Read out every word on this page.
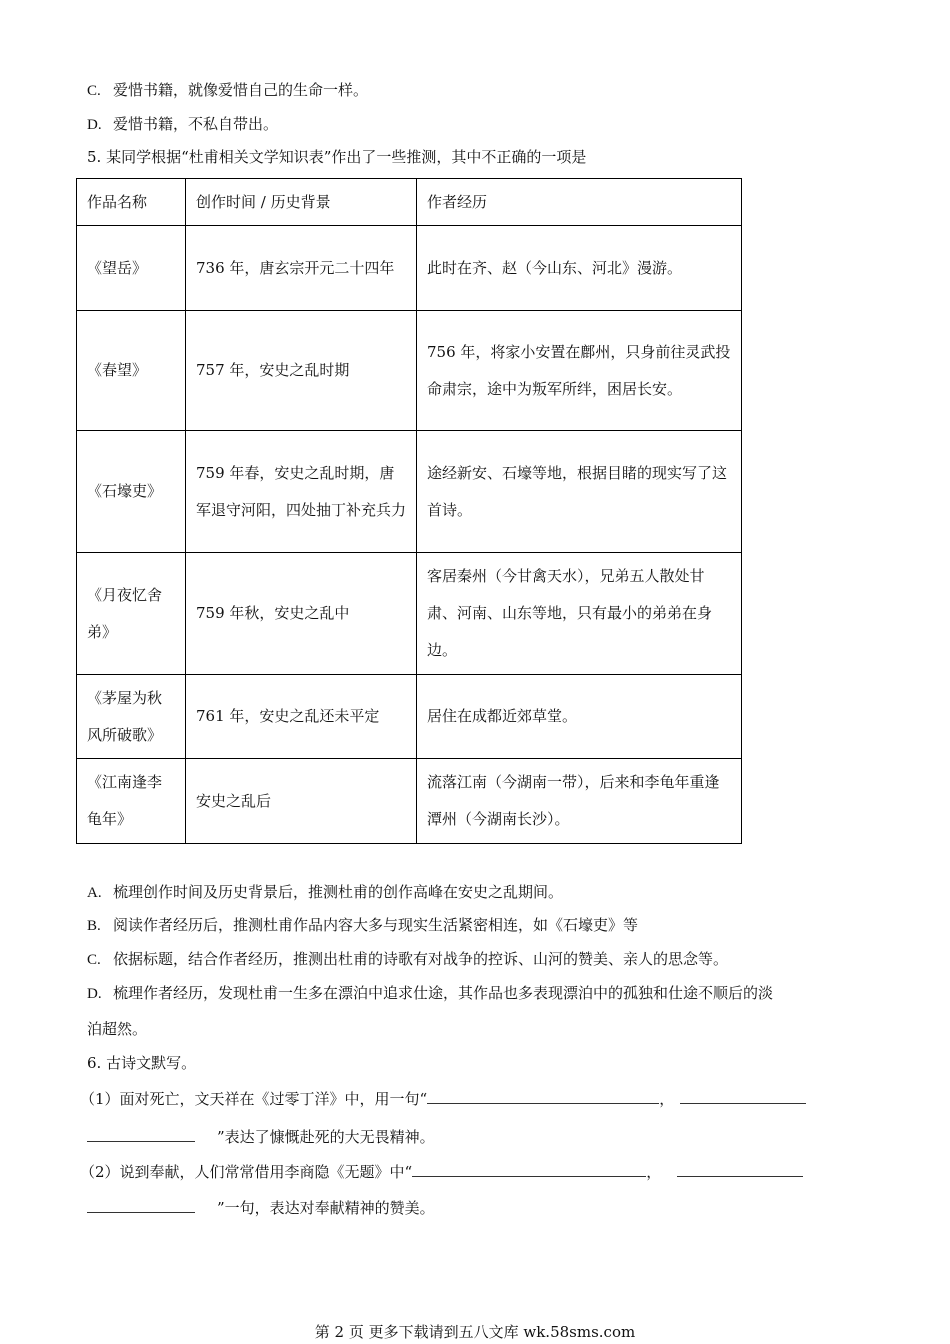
C. 爱惜书籍，就像爱惜自己的生命一样。
D. 爱惜书籍，不私自带出。
5. 某同学根据“杜甫相关文学知识表”作出了一些推测，其中不正确的一项是
作品名称	创作时间 / 历史背景	作者经历
《望岳》	736 年，唐玄宗开元二十四年	此时在齐、赵（今山东、河北》漫游。
《春望》	757 年，安史之乱时期	756 年，将家小安置在鄜州，只身前往灵武投命肃宗，途中为叛军所绊，困居长安。
《石壕吏》	759 年春，安史之乱时期，唐军退守河阳，四处抽丁补充兵力	途经新安、石壕等地，根据目睹的现实写了这首诗。
《月夜忆舍弟》	759 年秋，安史之乱中	客居秦州（今甘禽天水），兄弟五人散处甘肃、河南、山东等地，只有最小的弟弟在身边。
《茅屋为秋风所破歌》	761 年，安史之乱还未平定	居住在成都近郊草堂。
《江南逢李龟年》	安史之乱后	流落江南（今湖南一带），后来和李龟年重逢　潭州（今湖南长沙）。
A. 梳理创作时间及历史背景后，推测杜甫的创作高峰在安史之乱期间。
B. 阅读作者经历后，推测杜甫作品内容大多与现实生活紧密相连，如《石壕吏》等
C. 依据标题，结合作者经历，推测出杜甫的诗歌有对战争的控诉、山河的赞美、亲人的思念等。
D. 梳理作者经历，发现杜甫一生多在漂泊中追求仕途，其作品也多表现漂泊中的孤独和仕途不顺后的淡
泊超然。
6. 古诗文默写。
（1）面对死亡，文天祥在《过零丁洋》中，用一句“	，
”表达了慷慨赴死的大无畏精神。
（2）说到奉献，人们常常借用李商隐《无题》中“	，
”一句，表达对奉献精神的赞美。
第 2 页 更多下载请到五八文库 wk.58sms.com
